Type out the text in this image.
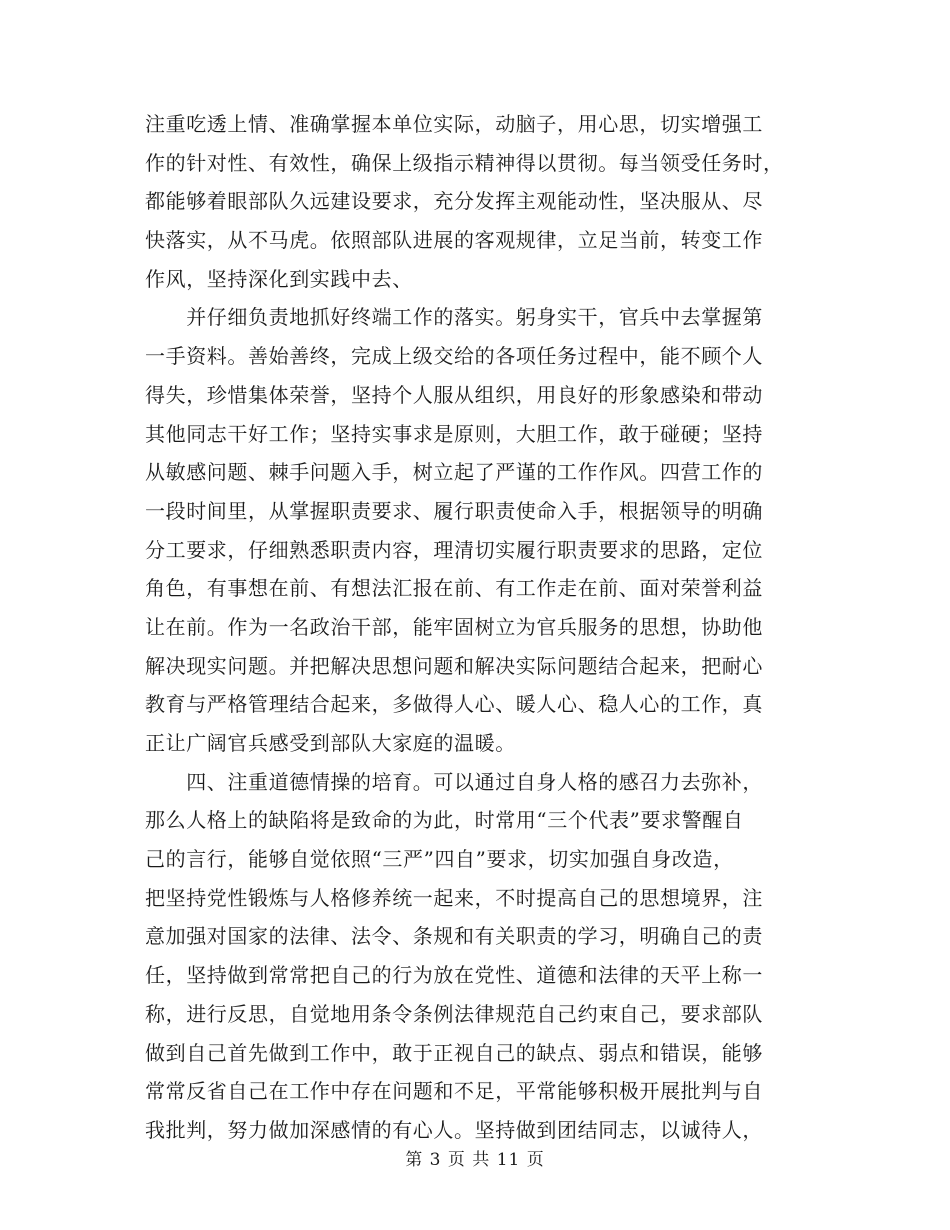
注重吃透上情、准确掌握本单位实际，动脑子，用心思，切实增强工
作的针对性、有效性，确保上级指示精神得以贯彻。每当领受任务时，
都能够着眼部队久远建设要求，充分发挥主观能动性，坚决服从、尽
快落实，从不马虎。依照部队进展的客观规律，立足当前，转变工作
作风，坚持深化到实践中去、
　　并仔细负责地抓好终端工作的落实。躬身实干，官兵中去掌握第
一手资料。善始善终，完成上级交给的各项任务过程中，能不顾个人
得失，珍惜集体荣誉，坚持个人服从组织，用良好的形象感染和带动
其他同志干好工作；坚持实事求是原则，大胆工作，敢于碰硬；坚持
从敏感问题、棘手问题入手，树立起了严谨的工作作风。四营工作的
一段时间里，从掌握职责要求、履行职责使命入手，根据领导的明确
分工要求，仔细熟悉职责内容，理清切实履行职责要求的思路，定位
角色，有事想在前、有想法汇报在前、有工作走在前、面对荣誉利益
让在前。作为一名政治干部，能牢固树立为官兵服务的思想，协助他
解决现实问题。并把解决思想问题和解决实际问题结合起来，把耐心
教育与严格管理结合起来，多做得人心、暖人心、稳人心的工作，真
正让广阔官兵感受到部队大家庭的温暖。
　　四、注重道德情操的培育。可以通过自身人格的感召力去弥补，
那么人格上的缺陷将是致命的为此，时常用“三个代表”要求警醒自
己的言行，能够自觉依照“三严”四自”要求，切实加强自身改造，
把坚持党性锻炼与人格修养统一起来，不时提高自己的思想境界，注
意加强对国家的法律、法令、条规和有关职责的学习，明确自己的责
任，坚持做到常常把自己的行为放在党性、道德和法律的天平上称一
称，进行反思，自觉地用条令条例法律规范自己约束自己，要求部队
做到自己首先做到工作中，敢于正视自己的缺点、弱点和错误，能够
常常反省自己在工作中存在问题和不足，平常能够积极开展批判与自
我批判，努力做加深感情的有心人。坚持做到团结同志，以诚待人，
第 3 页 共 11 页
